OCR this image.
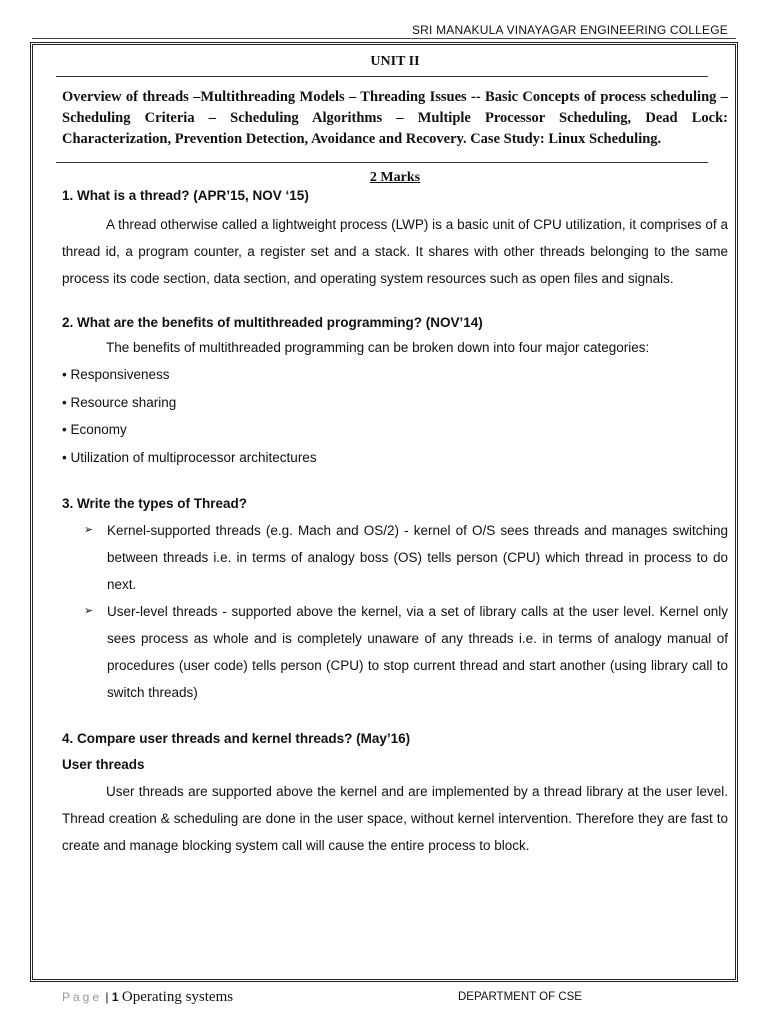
SRI MANAKULA VINAYAGAR ENGINEERING COLLEGE
UNIT II

Overview of threads –Multithreading Models – Threading Issues -- Basic Concepts of process scheduling – Scheduling Criteria – Scheduling Algorithms – Multiple Processor Scheduling, Dead Lock: Characterization, Prevention Detection, Avoidance and Recovery. Case Study: Linux Scheduling.

2 Marks

1. What is a thread? (APR’15, NOV ‘15)

A thread otherwise called a lightweight process (LWP) is a basic unit of CPU utilization, it comprises of a thread id, a program counter, a register set and a stack. It shares with other threads belonging to the same process its code section, data section, and operating system resources such as open files and signals.

2. What are the benefits of multithreaded programming? (NOV’14)

The benefits of multithreaded programming can be broken down into four major categories:

• Responsiveness

• Resource sharing

• Economy

• Utilization of multiprocessor architectures

3. Write the types of Thread?

➢	Kernel-supported threads (e.g. Mach and OS/2) - kernel of O/S sees threads and manages switching between threads i.e. in terms of analogy boss (OS) tells person (CPU) which thread in process to do next.
➢	User-level threads - supported above the kernel, via a set of library calls at the user level. Kernel only sees process as whole and is completely unaware of any threads i.e. in terms of analogy manual of procedures (user code) tells person (CPU) to stop current thread and start another (using library call to switch threads)

4. Compare user threads and kernel threads? (May’16)

User threads

User threads are supported above the kernel and are implemented by a thread library at the user level. Thread creation & scheduling are done in the user space, without kernel intervention. Therefore they are fast to create and manage blocking system call will cause the entire process to block.

Page | 1 Operating systems	DEPARTMENT OF CSE
